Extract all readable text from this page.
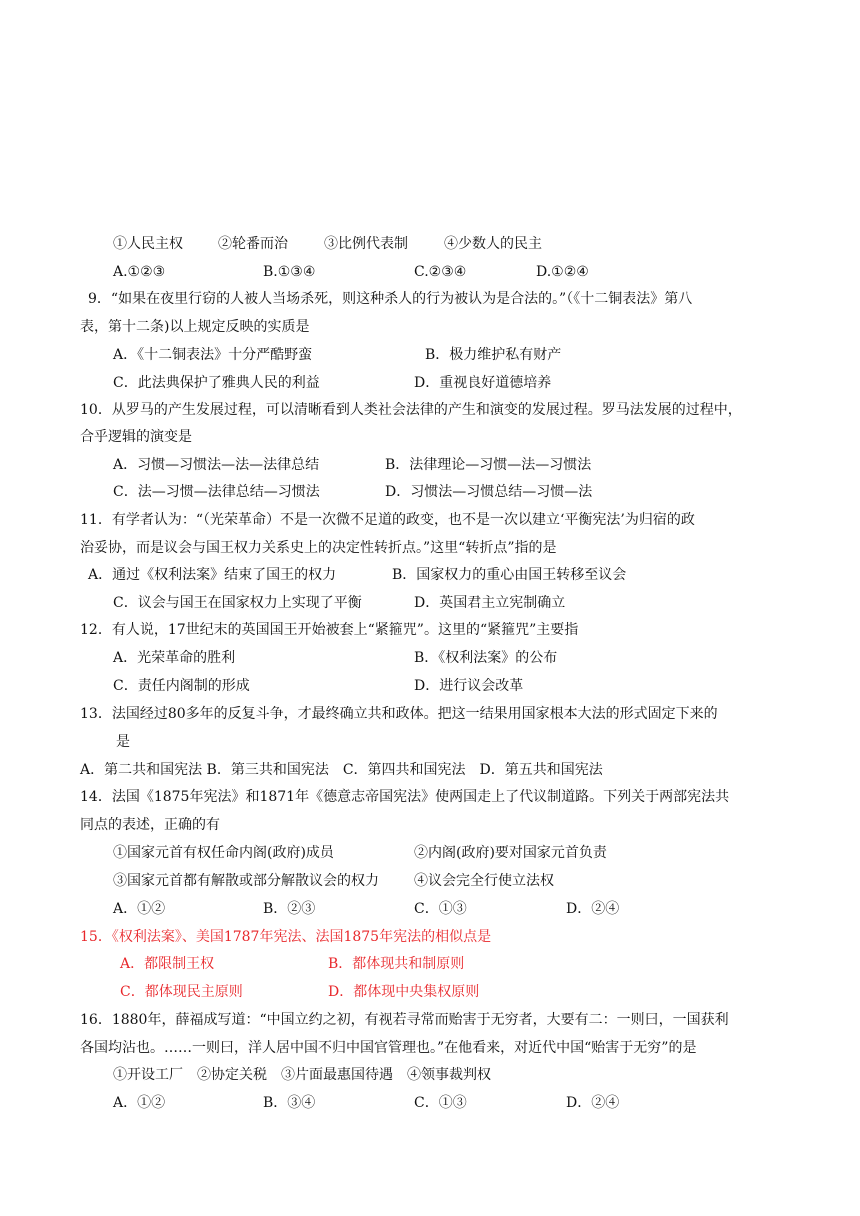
①人民主权	②轮番而治	③比例代表制	④少数人的民主
A.①②③	B.①③④	C.②③④	D.①②④
9．“如果在夜里行窃的人被人当场杀死，则这种杀人的行为被认为是合法的。”（《十二铜表法》第八
表，第十二条)以上规定反映的实质是
A．《十二铜表法》十分严酷野蛮	B．极力维护私有财产
C．此法典保护了雅典人民的利益	D．重视良好道德培养
10．从罗马的产生发展过程，可以清晰看到人类社会法律的产生和演变的发展过程。罗马法发展的过程中，
合乎逻辑的演变是
A．习惯—习惯法—法—法律总结	B．法律理论—习惯—法—习惯法
C．法—习惯—法律总结—习惯法	D．习惯法—习惯总结—习惯—法
11．有学者认为：“（光荣革命）不是一次微不足道的政变，也不是一次以建立‘平衡宪法’为归宿的政
治妥协，而是议会与国王权力关系史上的决定性转折点。”这里“转折点”指的是
A．通过《权利法案》结束了国王的权力	B．国家权力的重心由国王转移至议会
C．议会与国王在国家权力上实现了平衡	D．英国君主立宪制确立
12．有人说，17世纪末的英国国王开始被套上“紧箍咒”。这里的“紧箍咒”主要指
A．光荣革命的胜利	B．《权利法案》的公布
C．责任内阁制的形成	D．进行议会改革
13．法国经过80多年的反复斗争，才最终确立共和政体。把这一结果用国家根本大法的形式固定下来的
是
A．第二共和国宪法 B．第三共和国宪法　C．第四共和国宪法　D．第五共和国宪法
14．法国《1875年宪法》和1871年《德意志帝国宪法》使两国走上了代议制道路。下列关于两部宪法共
同点的表述，正确的有
①国家元首有权任命内阁(政府)成员	②内阁(政府)要对国家元首负责
③国家元首都有解散或部分解散议会的权力	④议会完全行使立法权
A．①②	B．②③	C．①③	D．②④
15．《权利法案》、美国1787年宪法、法国1875年宪法的相似点是
A．都限制王权	B．都体现共和制原则
C．都体现民主原则	D．都体现中央集权原则
16．1880年，薛福成写道：“中国立约之初，有视若寻常而贻害于无穷者，大要有二：一则曰，一国获利
各国均沾也。……一则曰，洋人居中国不归中国官管理也。”在他看来，对近代中国“贻害于无穷”的是
①开设工厂　②协定关税　③片面最惠国待遇　④领事裁判权
A．①②	B．③④	C．①③	D．②④
